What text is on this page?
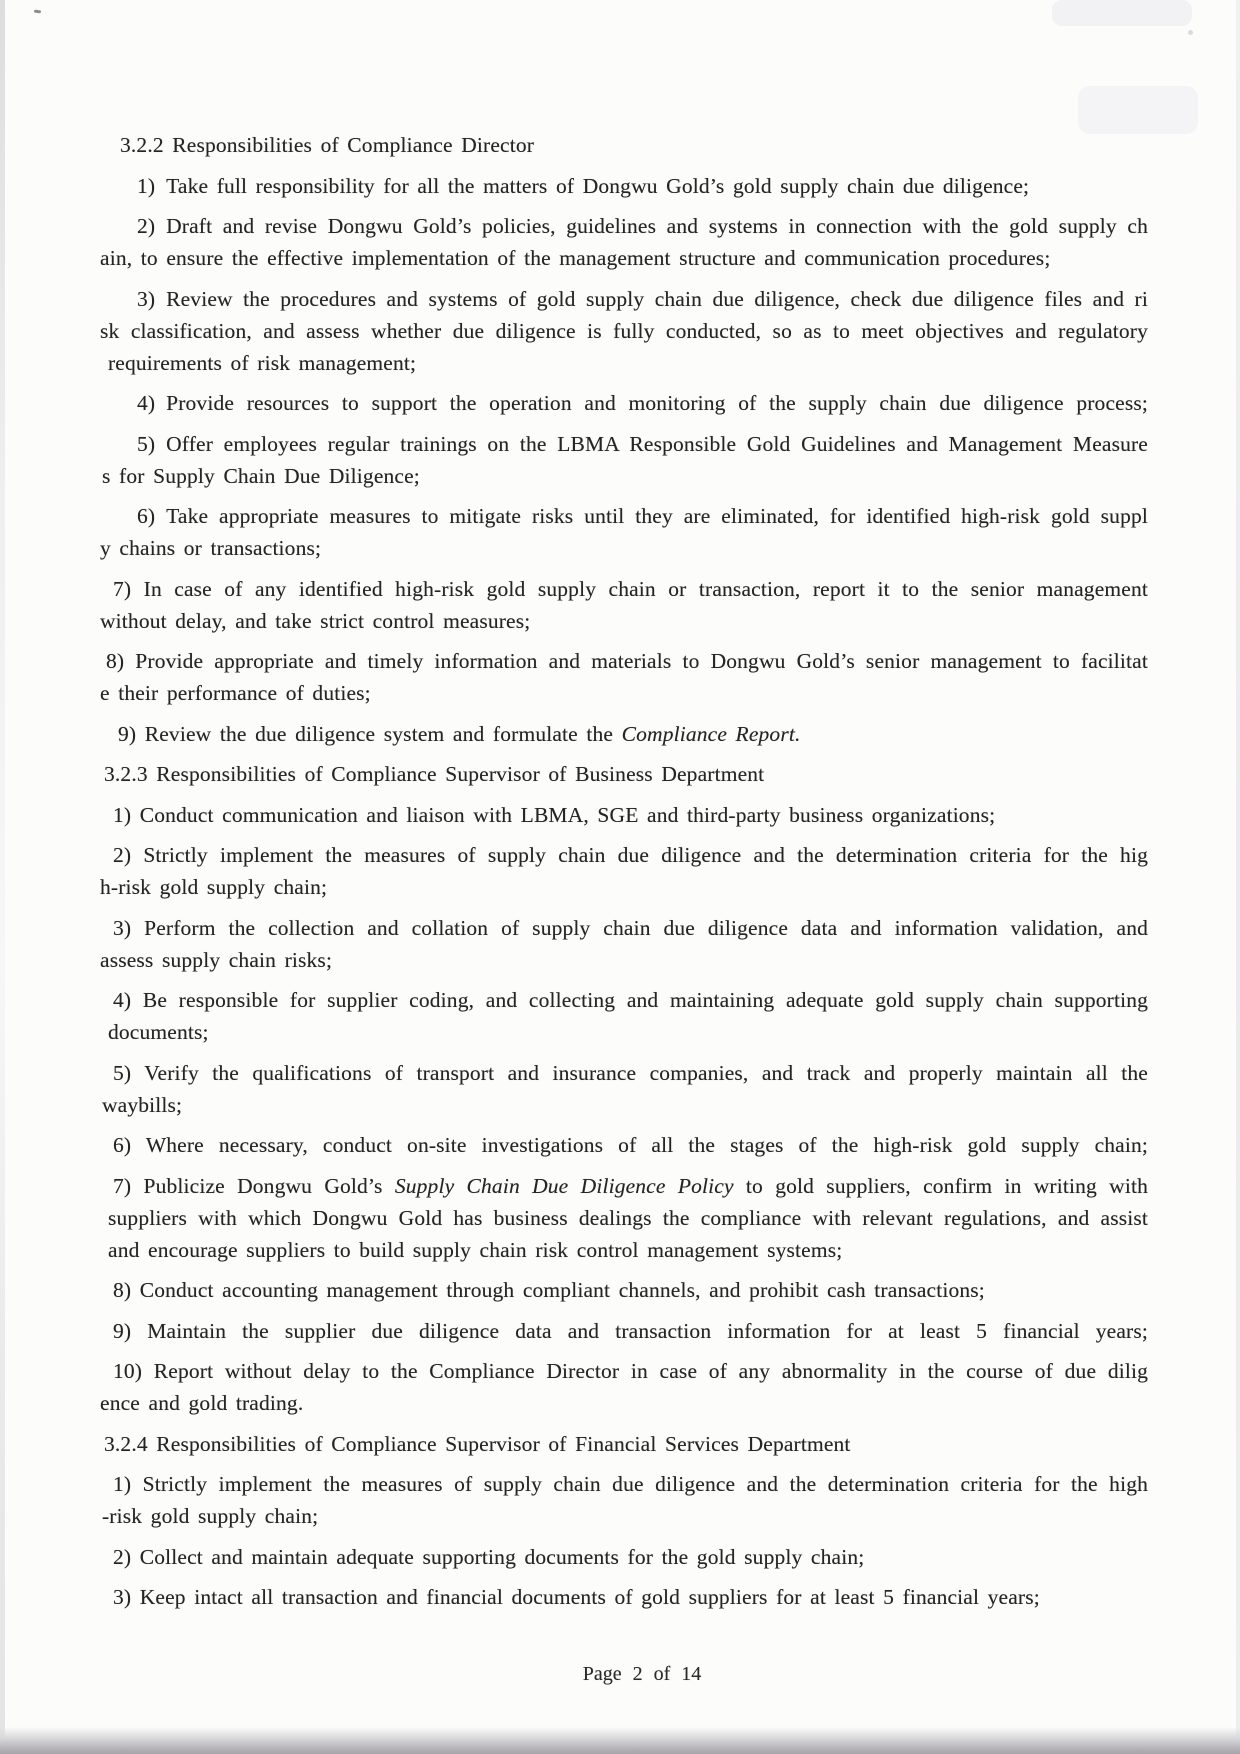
3.2.2 Responsibilities of Compliance Director
1) Take full responsibility for all the matters of Dongwu Gold’s gold supply chain due diligence;
2) Draft and revise Dongwu Gold’s policies, guidelines and systems in connection with the gold supply ch
ain, to ensure the effective implementation of the management structure and communication procedures;
3) Review the procedures and systems of gold supply chain due diligence, check due diligence files and ri
sk classification, and assess whether due diligence is fully conducted, so as to meet objectives and regulatory
requirements of risk management;
4) Provide resources to support the operation and monitoring of the supply chain due diligence process;
5) Offer employees regular trainings on the LBMA Responsible Gold Guidelines and Management Measure
s for Supply Chain Due Diligence;
6) Take appropriate measures to mitigate risks until they are eliminated, for identified high-risk gold suppl
y chains or transactions;
7) In case of any identified high-risk gold supply chain or transaction, report it to the senior management
without delay, and take strict control measures;
8) Provide appropriate and timely information and materials to Dongwu Gold’s senior management to facilitat
e their performance of duties;
9) Review the due diligence system and formulate the Compliance Report.
3.2.3 Responsibilities of Compliance Supervisor of Business Department
1) Conduct communication and liaison with LBMA, SGE and third-party business organizations;
2) Strictly implement the measures of supply chain due diligence and the determination criteria for the hig
h-risk gold supply chain;
3) Perform the collection and collation of supply chain due diligence data and information validation, and
assess supply chain risks;
4) Be responsible for supplier coding, and collecting and maintaining adequate gold supply chain supporting
documents;
5) Verify the qualifications of transport and insurance companies, and track and properly maintain all the
waybills;
6) Where necessary, conduct on-site investigations of all the stages of the high-risk gold supply chain;
7) Publicize Dongwu Gold’s Supply Chain Due Diligence Policy to gold suppliers, confirm in writing with
suppliers with which Dongwu Gold has business dealings the compliance with relevant regulations, and assist
and encourage suppliers to build supply chain risk control management systems;
8) Conduct accounting management through compliant channels, and prohibit cash transactions;
9) Maintain the supplier due diligence data and transaction information for at least 5 financial years;
10) Report without delay to the Compliance Director in case of any abnormality in the course of due dilig
ence and gold trading.
3.2.4 Responsibilities of Compliance Supervisor of Financial Services Department
1) Strictly implement the measures of supply chain due diligence and the determination criteria for the high
-risk gold supply chain;
2) Collect and maintain adequate supporting documents for the gold supply chain;
3) Keep intact all transaction and financial documents of gold suppliers for at least 5 financial years;
Page 2 of 14
